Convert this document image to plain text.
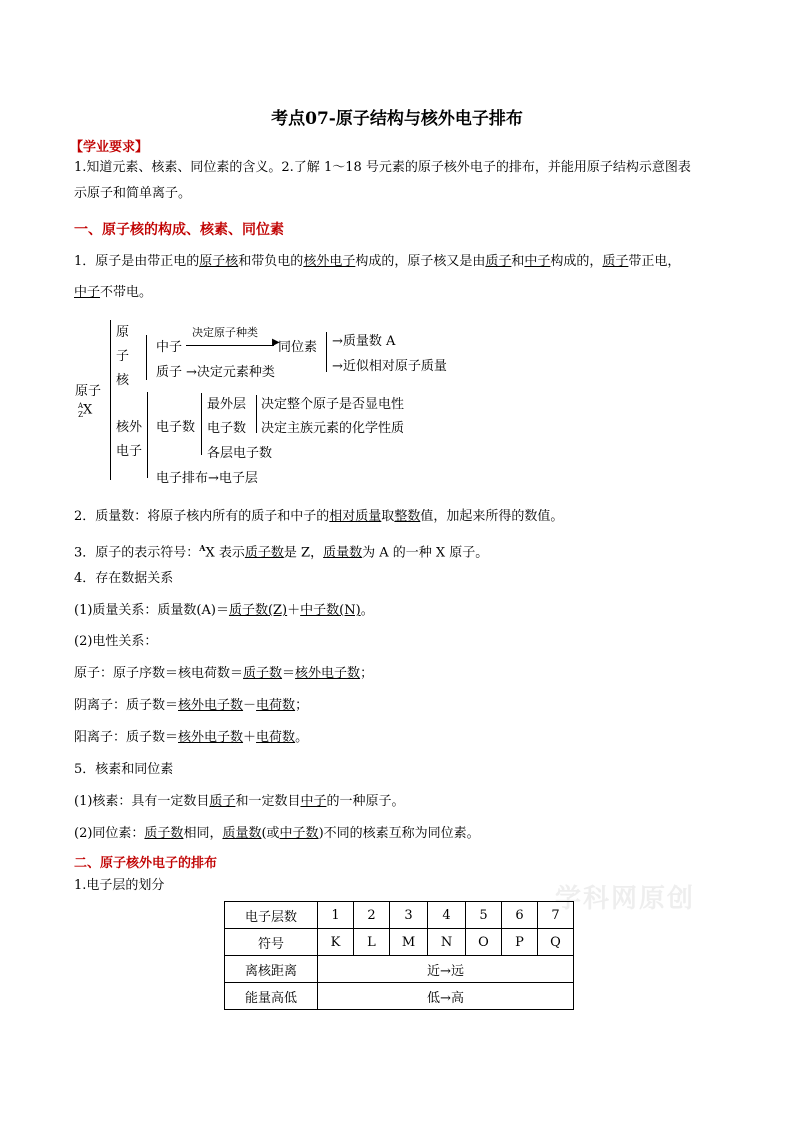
考点07-原子结构与核外电子排布
【学业要求】
1.知道元素、核素、同位素的含义。2.了解 1～18 号元素的原子核外电子的排布，并能用原子结构示意图表
示原子和简单离子。
一、原子核的构成、核素、同位素
1．原子是由带正电的原子核和带负电的核外电子构成的，原子核又是由质子和中子构成的，质子带正电，
中子不带电。
原子
$^A_Z$X
原
子
核
中子
决定原子种类
▶
同位素 →质量数 A
→近似相对原子质量
质子 →决定元素种类
核外
电子
电子数
最外层
电子数
各层电子数
决定整个原子是否显电性
决定主族元素的化学性质
电子排布→电子层
2．质量数：将原子核内所有的质子和中子的相对质量取整数值，加起来所得的数值。
3．原子的表示符号：$^A$X 表示质子数是 Z，质量数为 A 的一种 X 原子。
4．存在数据关系
(1)质量关系：质量数(A)＝质子数(Z)＋中子数(N)。
(2)电性关系：
原子：原子序数＝核电荷数＝质子数＝核外电子数；
阴离子：质子数＝核外电子数－电荷数；
阳离子：质子数＝核外电子数＋电荷数。
5．核素和同位素
(1)核素：具有一定数目质子和一定数目中子的一种原子。
(2)同位素：质子数相同，质量数(或中子数)不同的核素互称为同位素。
二、原子核外电子的排布
1.电子层的划分	学科网原创
电子层数	1	2	3	4	5	6	7
符号	K	L	M	N	O	P	Q
离核距离	近→远						
能量高低	低→高						
